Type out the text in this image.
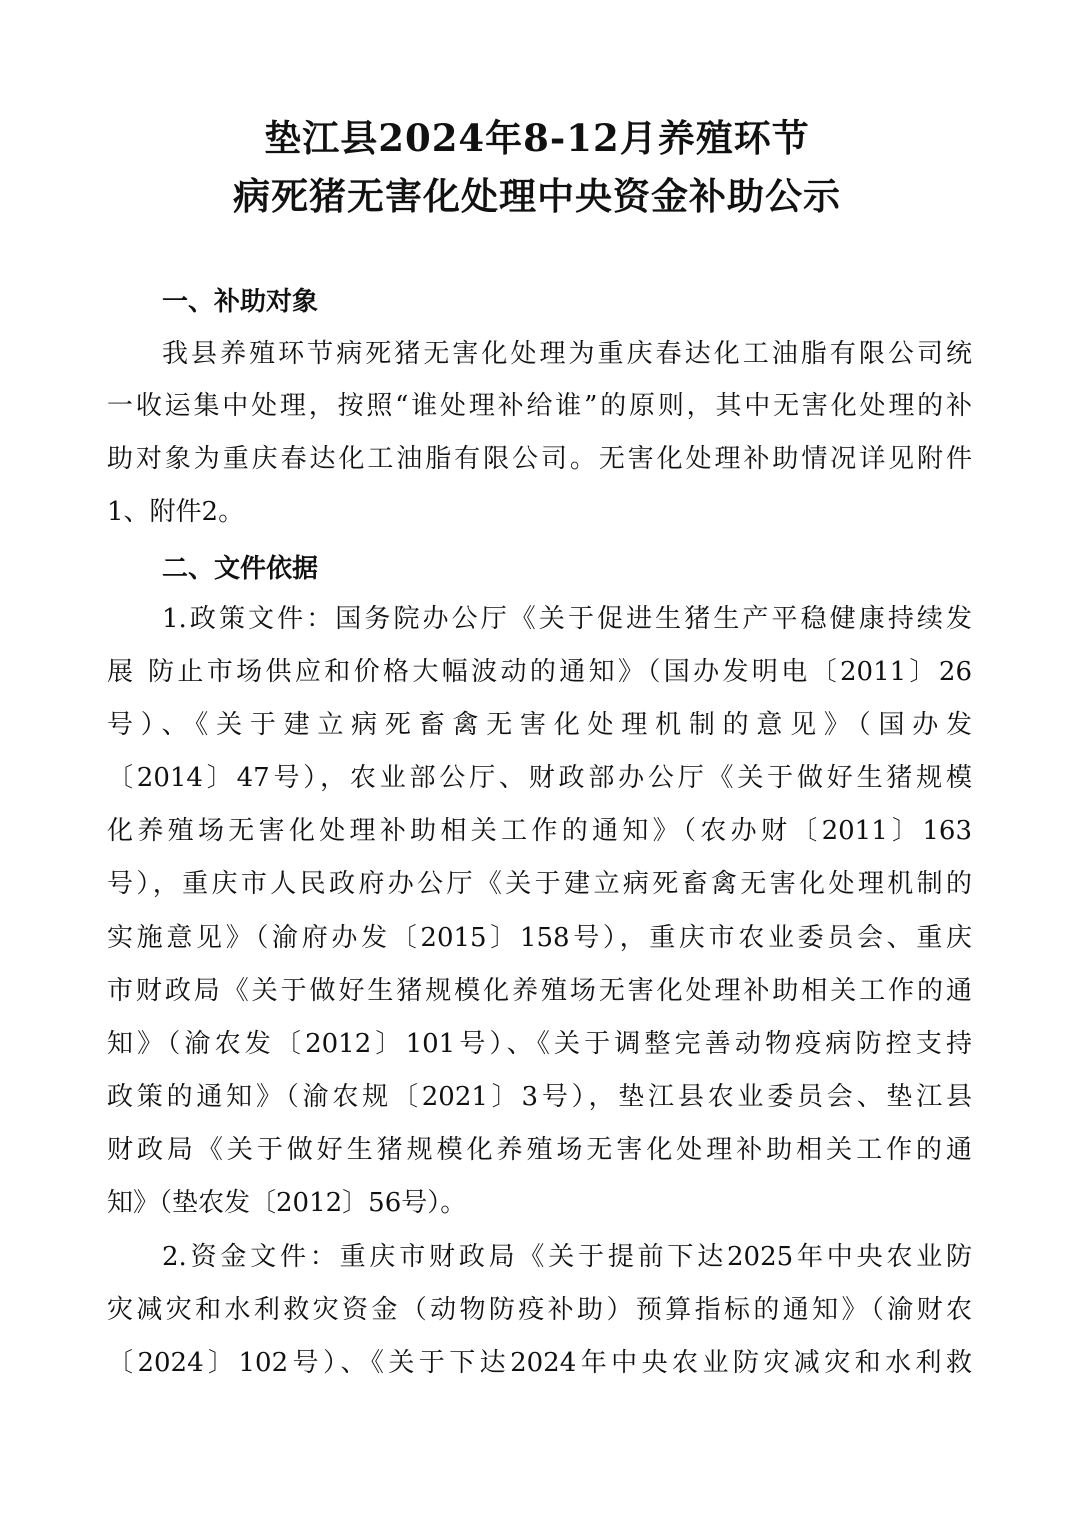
垫江县2024年8-12月养殖环节
病死猪无害化处理中央资金补助公示
一、补助对象
我县养殖环节病死猪无害化处理为重庆春达化工油脂有限公司统
一收运集中处理，按照“谁处理补给谁”的原则，其中无害化处理的补
助对象为重庆春达化工油脂有限公司。无害化处理补助情况详见附件
1、附件2。
二、文件依据
1.政策文件：国务院办公厅《关于促进生猪生产平稳健康持续发
展 防止市场供应和价格大幅波动的通知》（国办发明电〔2011〕26
号）、《关于建立病死畜禽无害化处理机制的意见》（国办发
〔2014〕47号），农业部公厅、财政部办公厅《关于做好生猪规模
化养殖场无害化处理补助相关工作的通知》（农办财〔2011〕163
号），重庆市人民政府办公厅《关于建立病死畜禽无害化处理机制的
实施意见》（渝府办发〔2015〕158号），重庆市农业委员会、重庆
市财政局《关于做好生猪规模化养殖场无害化处理补助相关工作的通
知》（渝农发〔2012〕101号）、《关于调整完善动物疫病防控支持
政策的通知》（渝农规〔2021〕3号），垫江县农业委员会、垫江县
财政局《关于做好生猪规模化养殖场无害化处理补助相关工作的通
知》（垫农发〔2012〕56号）。
2.资金文件：重庆市财政局《关于提前下达2025年中央农业防
灾减灾和水利救灾资金（动物防疫补助）预算指标的通知》（渝财农
〔2024〕102号）、《关于下达2024年中央农业防灾减灾和水利救
